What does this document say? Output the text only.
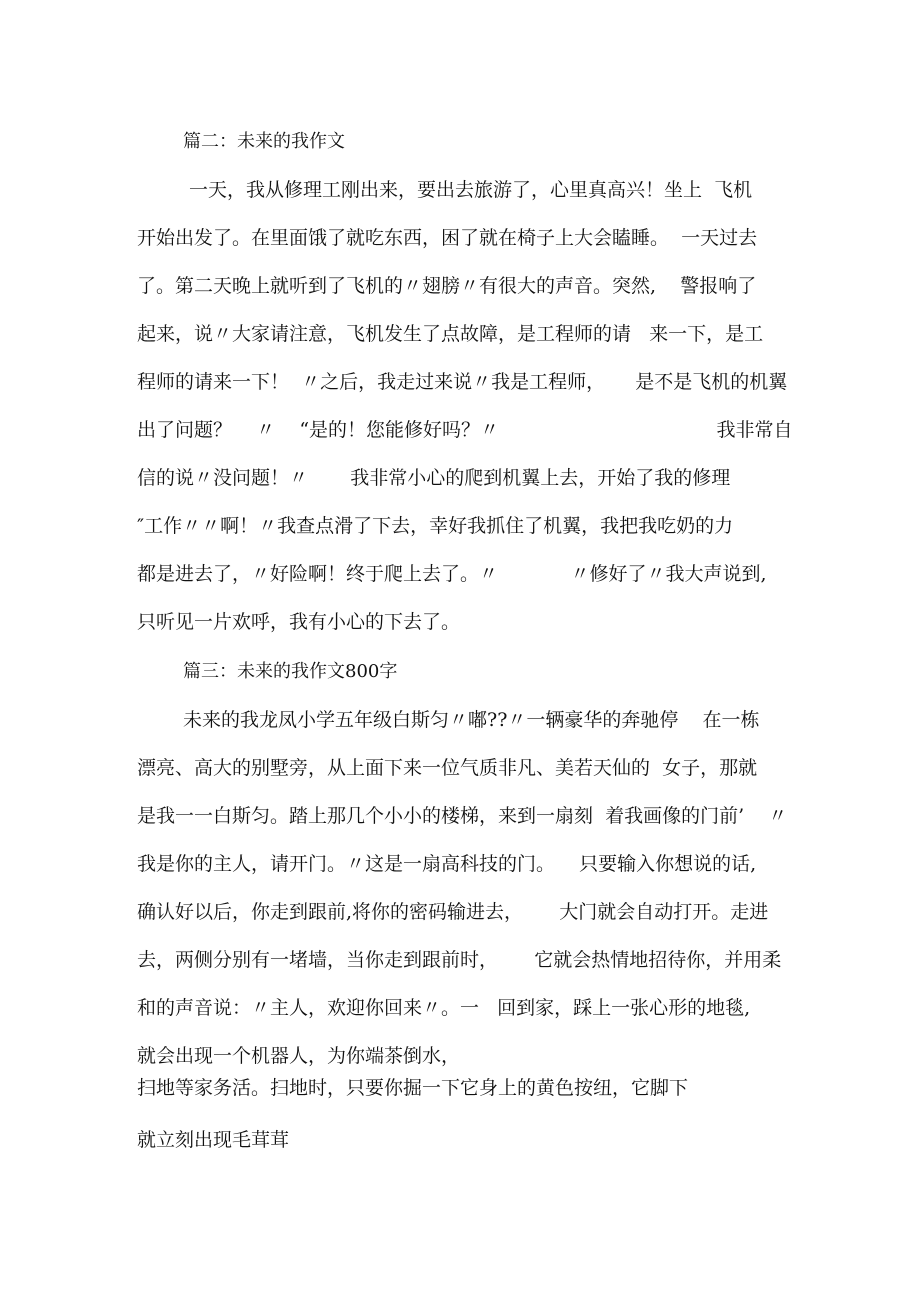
篇二：未来的我作文

一天，我从修理工刚出来，要出去旅游了，心里真高兴！坐上  飞机

开始出发了。在里面饿了就吃东西，困了就在椅子上大会瞌睡。  一天过去

了。第二天晚上就听到了飞机的〃翅膀〃有很大的声音。突然,    警报响了

起来，说〃大家请注意，飞机发生了点故障，是工程师的请   来一下，是工

程师的请来一下！  〃之后，我走过来说〃我是工程师，     是不是飞机的机翼

出了问题？    〃    “是的！您能修好吗？〃                                    我非常自

信的说〃没问题！〃       我非常小心的爬到机翼上去，开始了我的修理

″工作〃〃啊！〃我查点滑了下去，幸好我抓住了机翼，我把我吃奶的力

都是进去了，〃好险啊！终于爬上去了。〃            〃修好了〃我大声说到,

只听见一片欢呼，我有小心的下去了。

篇三：未来的我作文800字

未来的我龙凤小学五年级白斯匀〃嘟??〃一辆豪华的奔驰停    在一栋

漂亮、高大的别墅旁，从上面下来一位气质非凡、美若天仙的  女子，那就

是我一一白斯匀。踏上那几个小小的楼梯，来到一扇刻  着我画像的门前’    〃

我是你的主人，请开门。〃这是一扇高科技的门。    只要输入你想说的话,

确认好以后，你走到跟前,将你的密码输进去，      大门就会自动打开。走进

去，两侧分别有一堵墙，当你走到跟前时，      它就会热情地招待你，并用柔

和的声音说：〃主人，欢迎你回来〃。一   回到家，踩上一张心形的地毯,

就会出现一个机器人，为你端茶倒水，

扫地等家务活。扫地时，只要你掘一下它身上的黄色按纽，它脚下

就立刻出现毛茸茸
